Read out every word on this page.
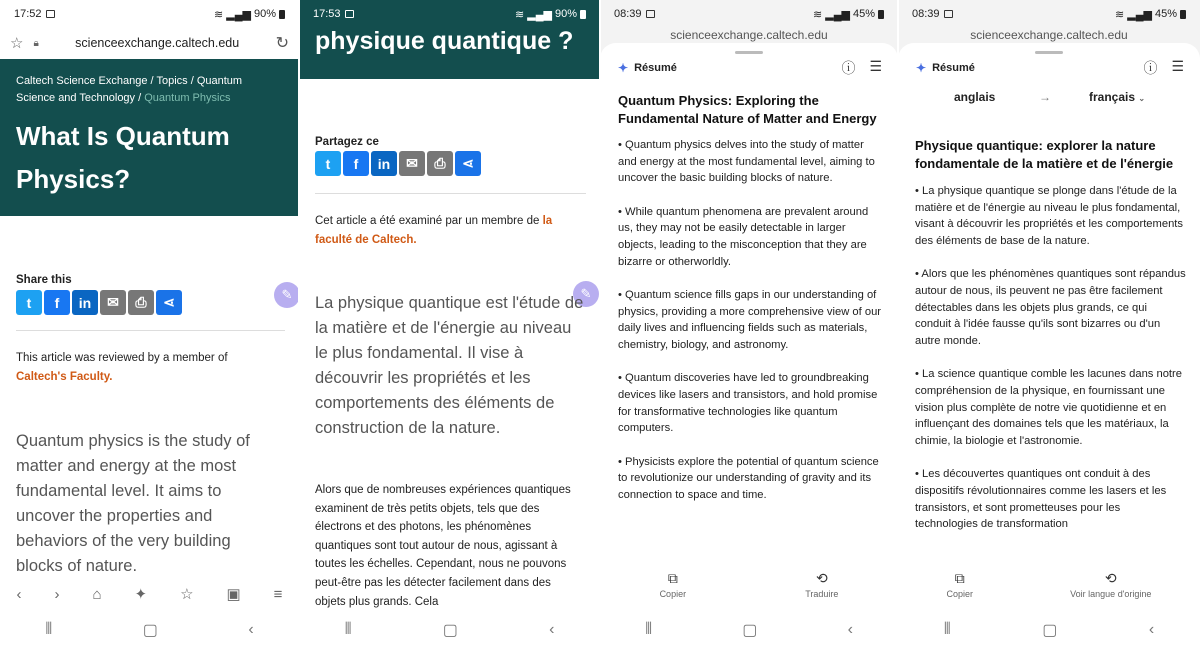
17:52	≋ ▂▄▆ 90%
☆ 🔒︎	scienceexchange.caltech.edu	↻
Caltech Science Exchange / Topics / Quantum Science and Technology / Quantum Physics
What Is Quantum
Physics?
Share this
t	f	in	✉	⎙	⋖	✎
This article was reviewed by a member of
Caltech's Faculty.
Quantum physics is the study of matter and energy at the most fundamental level. It aims to uncover the properties and behaviors of the very building blocks of nature.
‹ › ⌂ ✦ ☆ ▣ ≡
⦀	▢	‹
17:53	≋ ▂▄▆ 90%
physique quantique ?
Partagez ce
t	f	in	✉	⎙	⋖
Cet article a été examiné par un membre de la
faculté de Caltech.
✎
La physique quantique est l'étude de la matière et de l'énergie au niveau le plus fondamental. Il vise à découvrir les propriétés et les comportements des éléments de construction de la nature.
Alors que de nombreuses expériences quantiques examinent de très petits objets, tels que des électrons et des photons, les phénomènes quantiques sont tout autour de nous, agissant à toutes les échelles. Cependant, nous ne pouvons peut-être pas les détecter facilement dans des objets plus grands. Cela
⦀	▢	‹
08:39	≋ ▂▄▆ 45%
scienceexchange.caltech.edu
✦ Résumé	ⓘ ☰
Quantum Physics: Exploring the Fundamental Nature of Matter and Energy

• Quantum physics delves into the study of matter and energy at the most fundamental level, aiming to uncover the basic building blocks of nature.

• While quantum phenomena are prevalent around us, they may not be easily detectable in larger objects, leading to the misconception that they are bizarre or otherworldly.

• Quantum science fills gaps in our understanding of physics, providing a more comprehensive view of our daily lives and influencing fields such as materials, chemistry, biology, and astronomy.

• Quantum discoveries have led to groundbreaking devices like lasers and transistors, and hold promise for transformative technologies like quantum computers.

• Physicists explore the potential of quantum science to revolutionize our understanding of gravity and its connection to space and time.

⧉
Copier
⟲
Traduire
⦀	▢	‹
08:39	≋ ▂▄▆ 45%
scienceexchange.caltech.edu
✦ Résumé	ⓘ ☰
anglais	→	français ⌄
Physique quantique: explorer la nature fondamentale de la matière et de l'énergie

• La physique quantique se plonge dans l'étude de la matière et de l'énergie au niveau le plus fondamental, visant à découvrir les propriétés et les comportements des éléments de base de la nature.

• Alors que les phénomènes quantiques sont répandus autour de nous, ils peuvent ne pas être facilement détectables dans les objets plus grands, ce qui conduit à l'idée fausse qu'ils sont bizarres ou d'un autre monde.

• La science quantique comble les lacunes dans notre compréhension de la physique, en fournissant une vision plus complète de notre vie quotidienne et en influençant des domaines tels que les matériaux, la chimie, la biologie et l'astronomie.

• Les découvertes quantiques ont conduit à des dispositifs révolutionnaires comme les lasers et les transistors, et sont prometteuses pour les technologies de transformation

⧉
Copier
⟲
Voir langue d'origine
⦀	▢	‹
